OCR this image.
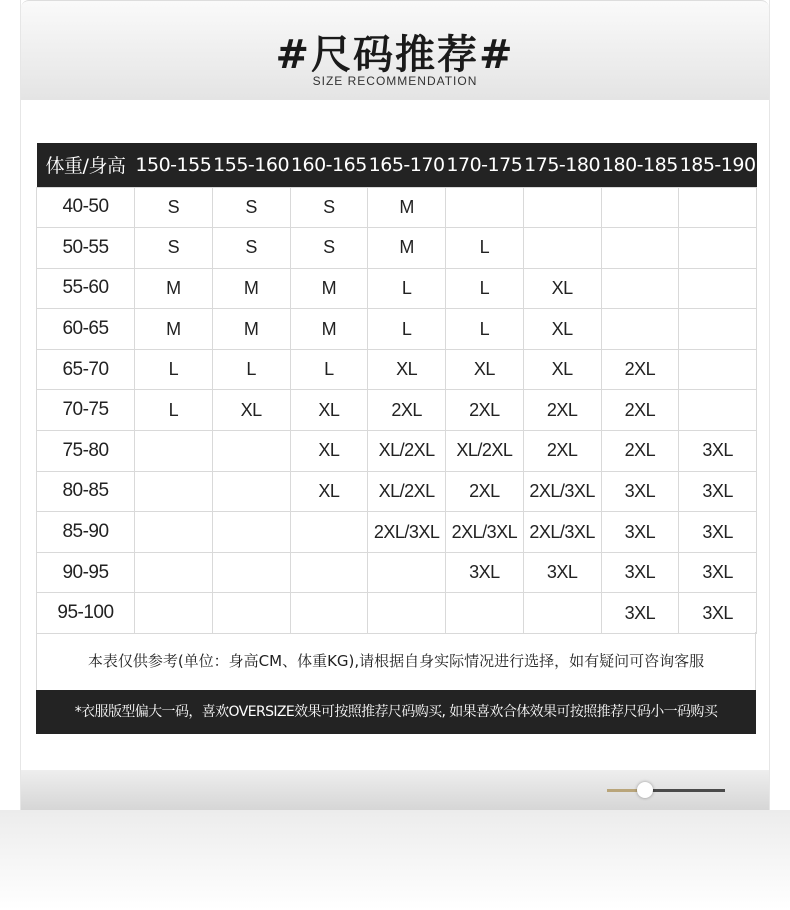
#尺码推荐#
SIZE RECOMMENDATION
体重/身高	150-155	155-160	160-165	165-170	170-175	175-180	180-185	185-190
40-50	S	S	S	M				
50-55	S	S	S	M	L			
55-60	M	M	M	L	L	XL		
60-65	M	M	M	L	L	XL		
65-70	L	L	L	XL	XL	XL	2XL	
70-75	L	XL	XL	2XL	2XL	2XL	2XL	
75-80			XL	XL/2XL	XL/2XL	2XL	2XL	3XL
80-85			XL	XL/2XL	2XL	2XL/3XL	3XL	3XL
85-90				2XL/3XL	2XL/3XL	2XL/3XL	3XL	3XL
90-95					3XL	3XL	3XL	3XL
95-100							3XL	3XL
本表仅供参考(单位：身高CM、体重KG),请根据自身实际情况进行选择，如有疑问可咨询客服
*衣服版型偏大一码，喜欢OVERSIZE效果可按照推荐尺码购买, 如果喜欢合体效果可按照推荐尺码小一码购买
